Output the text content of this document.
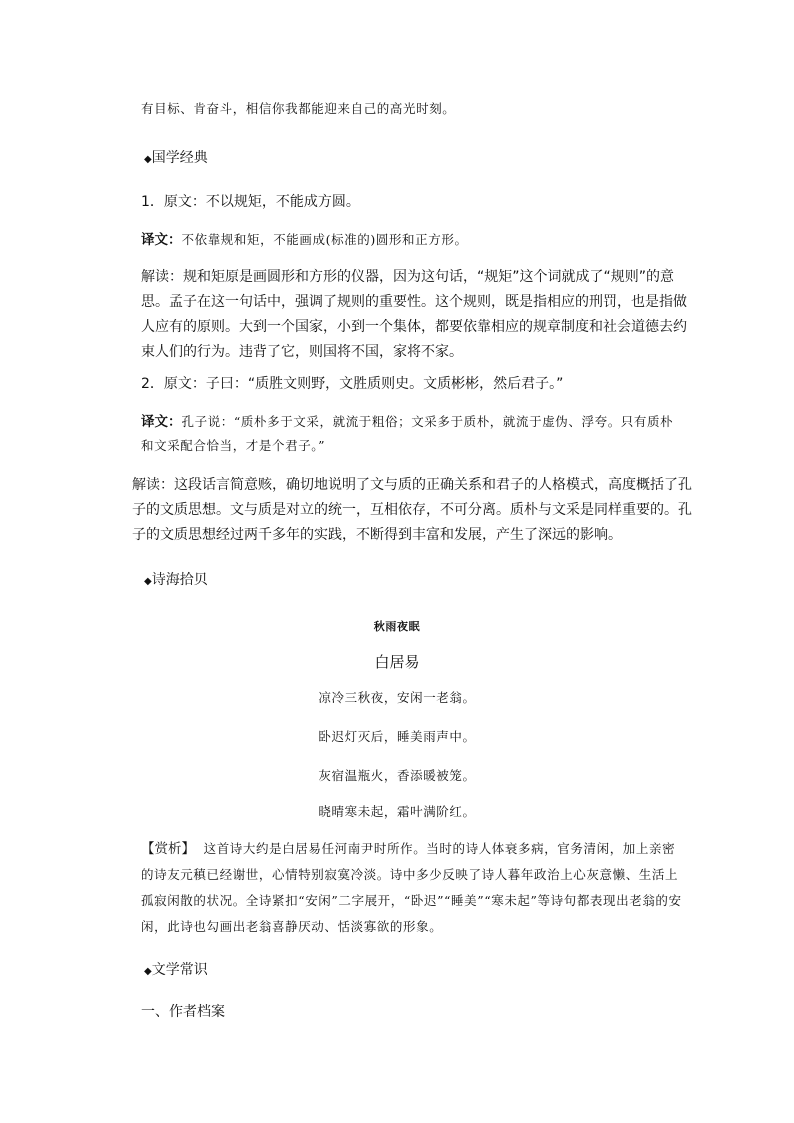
有目标、肯奋斗，相信你我都能迎来自己的高光时刻。

◆国学经典

1．原文：不以规矩，不能成方圆。

译文：不依靠规和矩，不能画成(标准的)圆形和正方形。

解读：规和矩原是画圆形和方形的仪器，因为这句话，“规矩”这个词就成了“规则”的意思。孟子在这一句话中，强调了规则的重要性。这个规则，既是指相应的刑罚，也是指做人应有的原则。大到一个国家，小到一个集体，都要依靠相应的规章制度和社会道德去约束人们的行为。违背了它，则国将不国，家将不家。

2．原文：子曰：“质胜文则野，文胜质则史。文质彬彬，然后君子。”

译文：孔子说：“质朴多于文采，就流于粗俗；文采多于质朴，就流于虚伪、浮夸。只有质朴和文采配合恰当，才是个君子。”

解读：这段话言简意赅，确切地说明了文与质的正确关系和君子的人格模式，高度概括了孔子的文质思想。文与质是对立的统一，互相依存，不可分离。质朴与文采是同样重要的。孔子的文质思想经过两千多年的实践，不断得到丰富和发展，产生了深远的影响。

◆诗海拾贝

秋雨夜眠

白居易

凉冷三秋夜，安闲一老翁。

卧迟灯灭后，睡美雨声中。

灰宿温瓶火，香添暖被笼。

晓晴寒未起，霜叶满阶红。

【赏析】 这首诗大约是白居易任河南尹时所作。当时的诗人体衰多病，官务清闲，加上亲密的诗友元稹已经谢世，心情特别寂寞冷淡。诗中多少反映了诗人暮年政治上心灰意懒、生活上孤寂闲散的状况。全诗紧扣“安闲”二字展开，“卧迟”“睡美”“寒未起”等诗句都表现出老翁的安闲，此诗也勾画出老翁喜静厌动、恬淡寡欲的形象。

◆文学常识

一、作者档案
